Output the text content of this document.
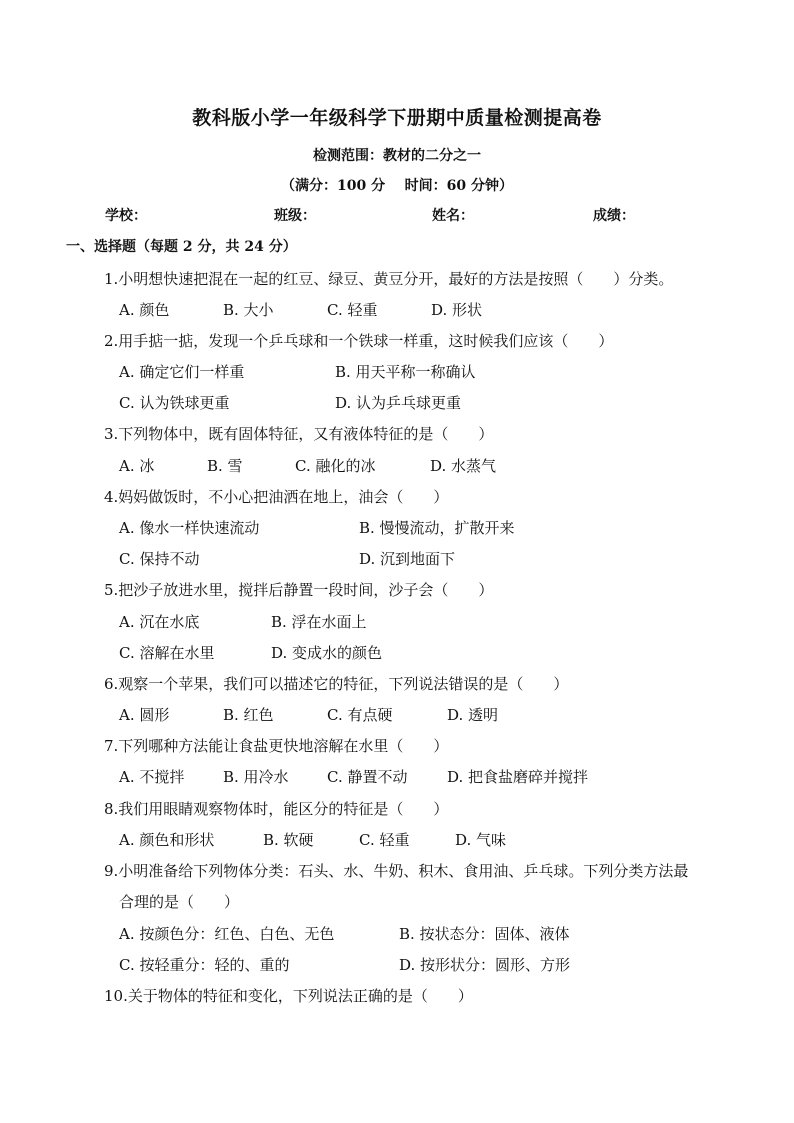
教科版小学一年级科学下册期中质量检测提高卷
检测范围：教材的二分之一
（满分：100 分    时间：60 分钟）
学校：	班级：	姓名：	成绩：
一、选择题（每题 2 分，共 24 分）
1.小明想快速把混在一起的红豆、绿豆、黄豆分开，最好的方法是按照（　　）分类。
A. 颜色	B. 大小	C. 轻重	D. 形状
2.用手掂一掂，发现一个乒乓球和一个铁球一样重，这时候我们应该（　　）
A. 确定它们一样重	B. 用天平称一称确认
C. 认为铁球更重	D. 认为乒乓球更重
3.下列物体中，既有固体特征，又有液体特征的是（　　）
A. 冰	B. 雪	C. 融化的冰	D. 水蒸气
4.妈妈做饭时，不小心把油洒在地上，油会（　　）
A. 像水一样快速流动	B. 慢慢流动，扩散开来
C. 保持不动	D. 沉到地面下
5.把沙子放进水里，搅拌后静置一段时间，沙子会（　　）
A. 沉在水底	B. 浮在水面上
C. 溶解在水里	D. 变成水的颜色
6.观察一个苹果，我们可以描述它的特征，下列说法错误的是（　　）
A. 圆形	B. 红色	C. 有点硬	D. 透明
7.下列哪种方法能让食盐更快地溶解在水里（　　）
A. 不搅拌	B. 用冷水	C. 静置不动	D. 把食盐磨碎并搅拌
8.我们用眼睛观察物体时，能区分的特征是（　　）
A. 颜色和形状	B. 软硬	C. 轻重	D. 气味
9.小明准备给下列物体分类：石头、水、牛奶、积木、食用油、乒乓球。下列分类方法最
合理的是（　　）
A. 按颜色分：红色、白色、无色	B. 按状态分：固体、液体
C. 按轻重分：轻的、重的	D. 按形状分：圆形、方形
10.关于物体的特征和变化，下列说法正确的是（　　）
